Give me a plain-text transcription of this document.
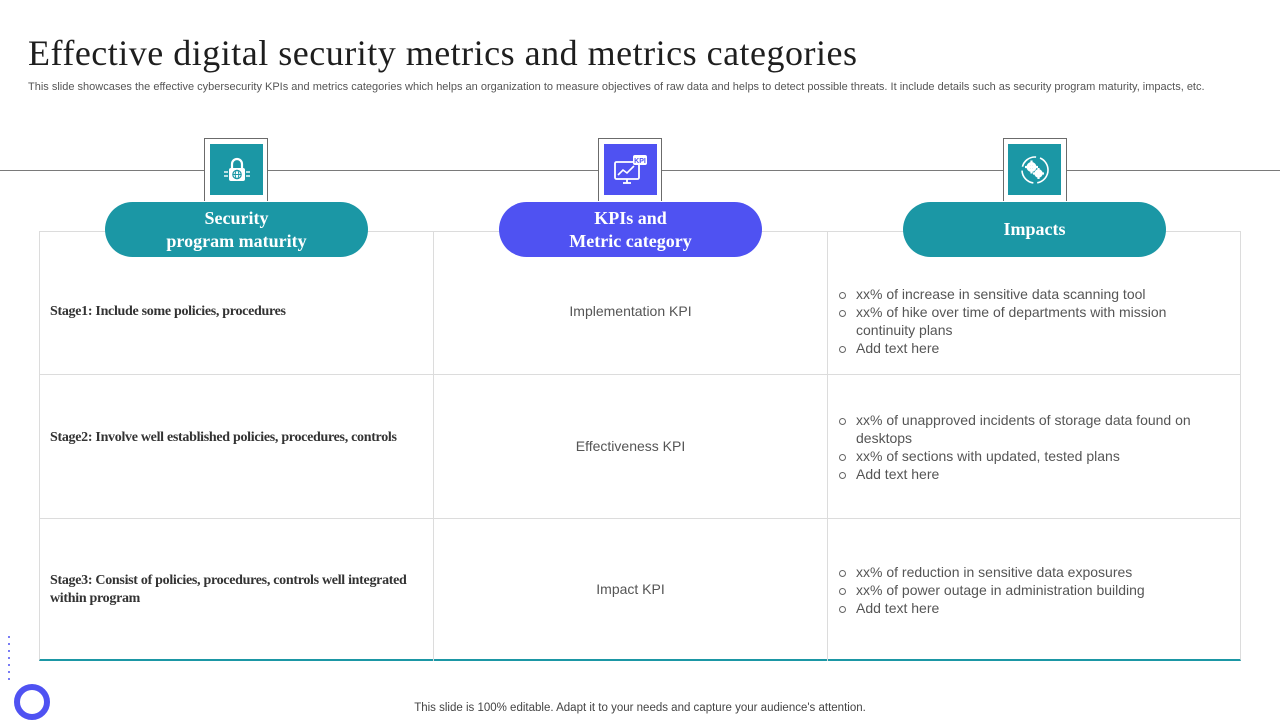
Effective digital security metrics and metrics categories

This slide showcases the effective cybersecurity KPIs and metrics categories which helps an organization to measure objectives of raw data and helps to detect possible threats. It include details such as security program maturity, impacts, etc.

KPI
Security
program maturity
KPIs and
Metric category
Impacts
Stage1: Include some policies, procedures	Implementation KPI
xx% of increase in sensitive data scanning tool
xx% of hike over time of departments with mission continuity plans
Add text here
Stage2: Involve well established policies, procedures, controls
Effectiveness KPI
xx% of unapproved incidents of storage data found on desktops
xx% of sections with updated, tested plans
Add text here
Stage3: Consist of policies, procedures, controls well integrated within program
Impact KPI
xx% of reduction in sensitive data exposures
xx% of power outage in administration building
Add text here
This slide is 100% editable. Adapt it to your needs and capture your audience's attention.
